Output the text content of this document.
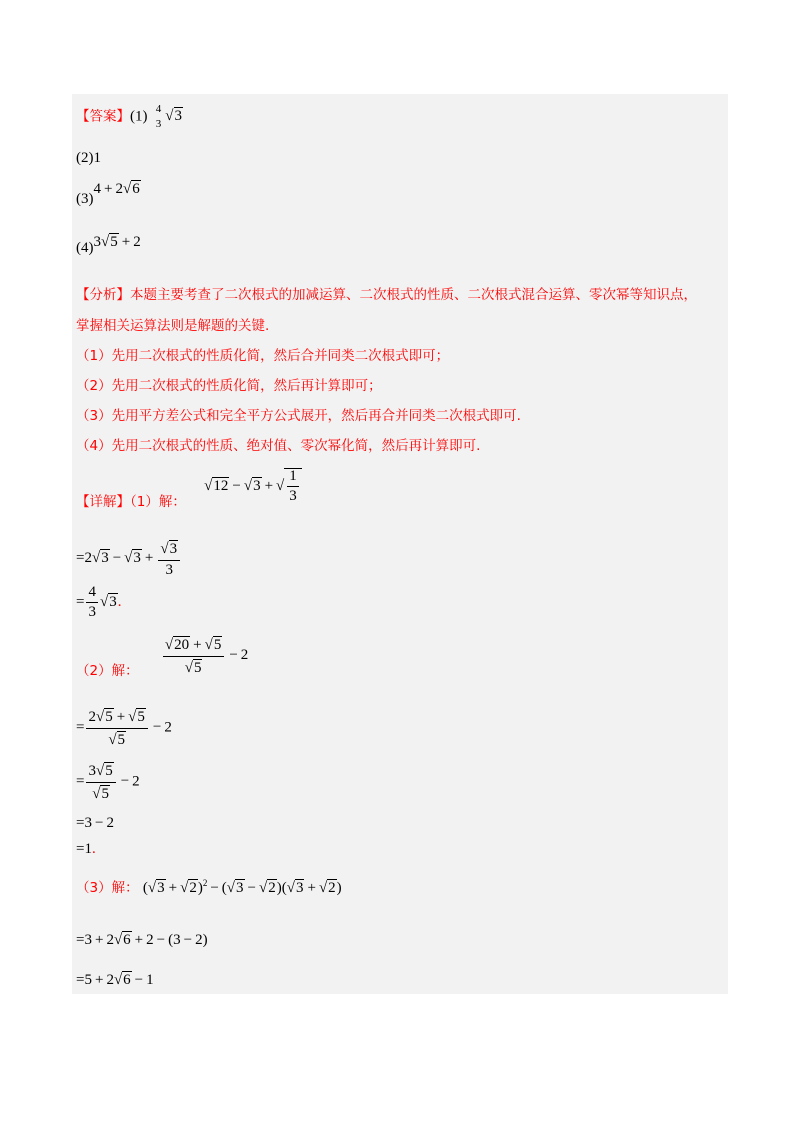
【答案】(1) 4
3 √3
(2)1
(3)4 + 2√6
(4)3√5 + 2
【分析】本题主要考查了二次根式的加减运算、二次根式的性质、二次根式混合运算、零次幂等知识点，
掌握相关运算法则是解题的关键.
（1）先用二次根式的性质化简，然后合并同类二次根式即可；
（2）先用二次根式的性质化简，然后再计算即可；
（3）先用平方差公式和完全平方公式展开，然后再合并同类二次根式即可.
（4）先用二次根式的性质、绝对值、零次幂化简，然后再计算即可.
【详解】（1）解： √12 − √3 + √ $\frac{1}{3}$
$=2√3 - √3 + \frac{√3}{3}$
= $\frac{4}{3} √3$.
（2）解： $\frac{√20 + √5}{√5} - 2$
= $\frac{2√5 + √5}{√5} - 2$
= $\frac{3√5}{√5} - 2$
=3 − 2
=1.
（3）解： $(√3 + √2)^2 - (√3 - √2)(√3 + √2)$
=3 + 2√6 + 2 − (3 − 2)
=5 + 2√6 − 1
